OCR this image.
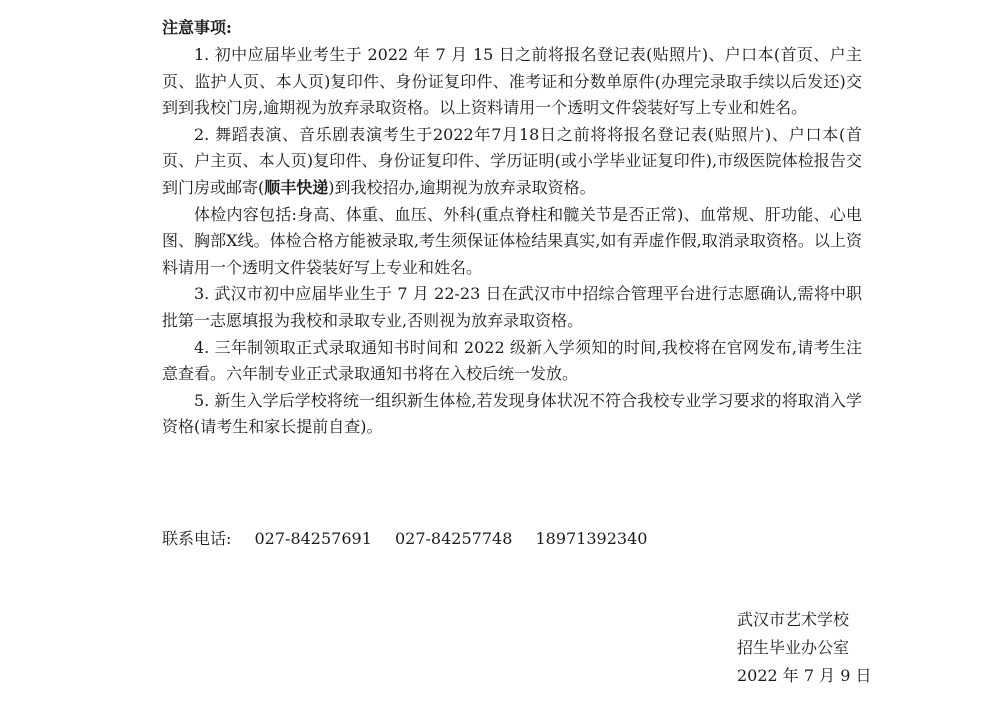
注意事项:

1. 初中应届毕业考生于 2022 年 7 月 15 日之前将报名登记表(贴照片)、户口本(首页、户主页、监护人页、本人页)复印件、身份证复印件、准考证和分数单原件(办理完录取手续以后发还)交到到我校门房,逾期视为放弃录取资格。以上资料请用一个透明文件袋装好写上专业和姓名。

2. 舞蹈表演、音乐剧表演考生于2022年7月18日之前将将报名登记表(贴照片)、户口本(首页、户主页、本人页)复印件、身份证复印件、学历证明(或小学毕业证复印件),市级医院体检报告交到门房或邮寄(顺丰快递)到我校招办,逾期视为放弃录取资格。

体检内容包括:身高、体重、血压、外科(重点脊柱和髋关节是否正常)、血常规、肝功能、心电图、胸部X线。体检合格方能被录取,考生须保证体检结果真实,如有弄虚作假,取消录取资格。以上资料请用一个透明文件袋装好写上专业和姓名。

3. 武汉市初中应届毕业生于 7 月 22-23 日在武汉市中招综合管理平台进行志愿确认,需将中职批第一志愿填报为我校和录取专业,否则视为放弃录取资格。

4. 三年制领取正式录取通知书时间和 2022 级新入学须知的时间,我校将在官网发布,请考生注意查看。六年制专业正式录取通知书将在入校后统一发放。

5. 新生入学后学校将统一组织新生体检,若发现身体状况不符合我校专业学习要求的将取消入学资格(请考生和家长提前自查)。

联系电话: 027-84257691 027-84257748 18971392340
武汉市艺术学校
招生毕业办公室
2022 年 7 月 9 日
